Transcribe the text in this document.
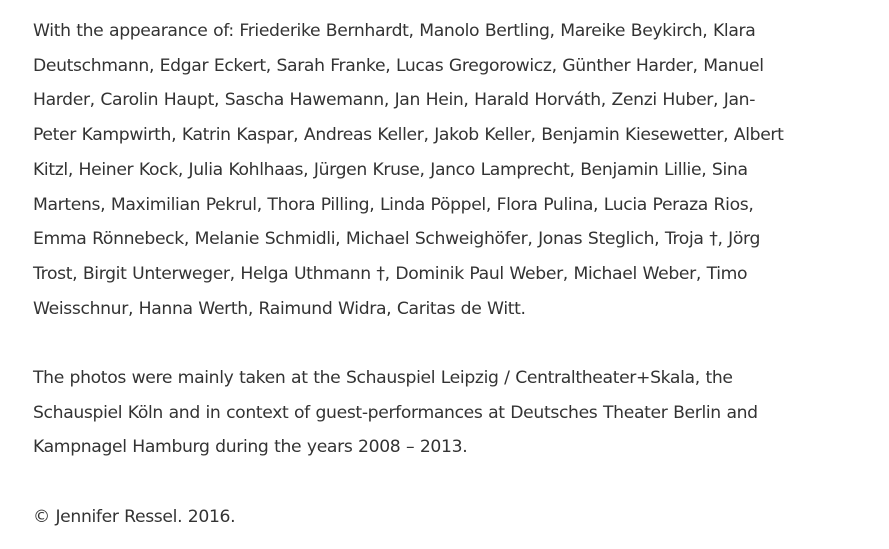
With the appearance of: Friederike Bernhardt, Manolo Bertling, Mareike Beykirch, Klara Deutschmann, Edgar Eckert, Sarah Franke, Lucas Gregorowicz, Günther Harder, Manuel Harder, Carolin Haupt, Sascha Hawemann, Jan Hein, Harald Horváth, Zenzi Huber, Jan-Peter Kampwirth, Katrin Kaspar, Andreas Keller, Jakob Keller, Benjamin Kiesewetter, Albert Kitzl, Heiner Kock, Julia Kohlhaas, Jürgen Kruse, Janco Lamprecht, Benjamin Lillie, Sina Martens, Maximilian Pekrul, Thora Pilling, Linda Pöppel, Flora Pulina, Lucia Peraza Rios, Emma Rönnebeck, Melanie Schmidli, Michael Schweighöfer, Jonas Steglich, Troja †, Jörg Trost, Birgit Unterweger, Helga Uthmann †, Dominik Paul Weber, Michael Weber, Timo Weisschnur, Hanna Werth, Raimund Widra, Caritas de Witt.

The photos were mainly taken at the Schauspiel Leipzig / Centraltheater+Skala, the Schauspiel Köln and in context of guest-performances at Deutsches Theater Berlin and Kampnagel Hamburg during the years 2008 – 2013.

© Jennifer Ressel. 2016.
